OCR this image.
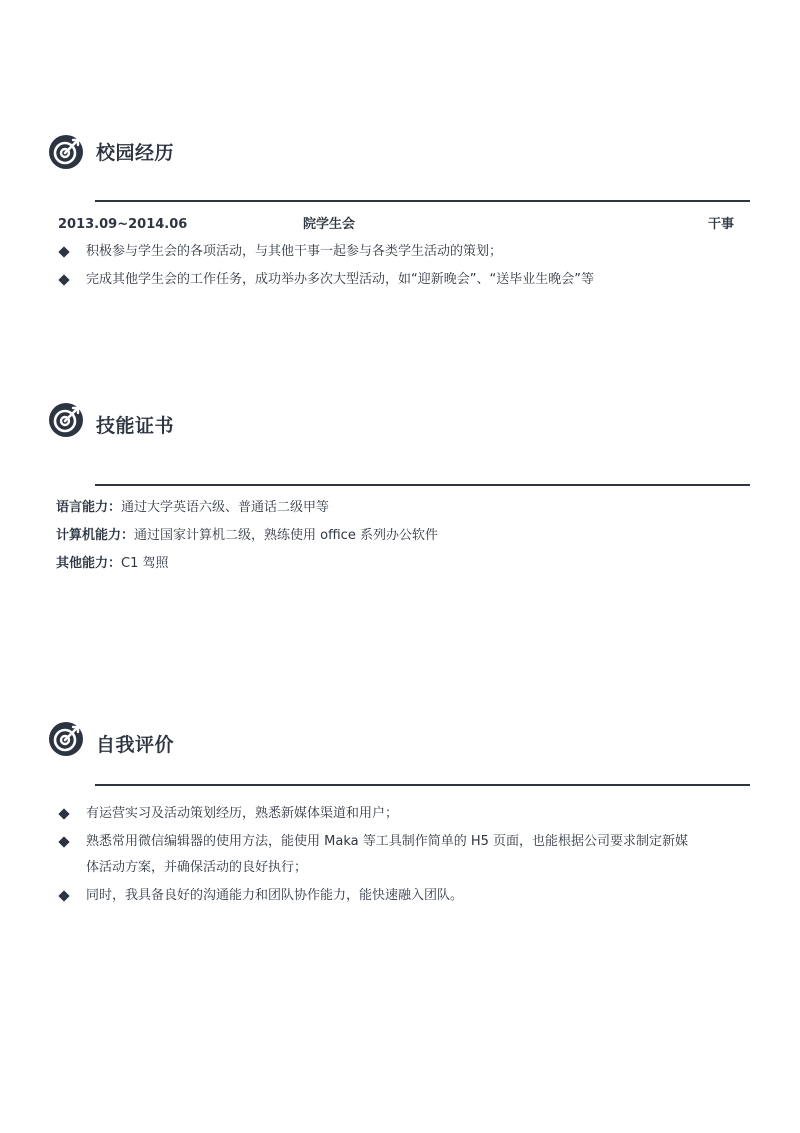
校园经历
2013.09~2014.06	院学生会	干事
积极参与学生会的各项活动，与其他干事一起参与各类学生活动的策划；
完成其他学生会的工作任务，成功举办多次大型活动，如“迎新晚会”、“送毕业生晚会”等
技能证书
语言能力：通过大学英语六级、普通话二级甲等
计算机能力：通过国家计算机二级，熟练使用 office 系列办公软件
其他能力：C1 驾照
自我评价
有运营实习及活动策划经历，熟悉新媒体渠道和用户；
熟悉常用微信编辑器的使用方法，能使用 Maka 等工具制作简单的 H5 页面，也能根据公司要求制定新媒
体活动方案，并确保活动的良好执行；
同时，我具备良好的沟通能力和团队协作能力，能快速融入团队。
